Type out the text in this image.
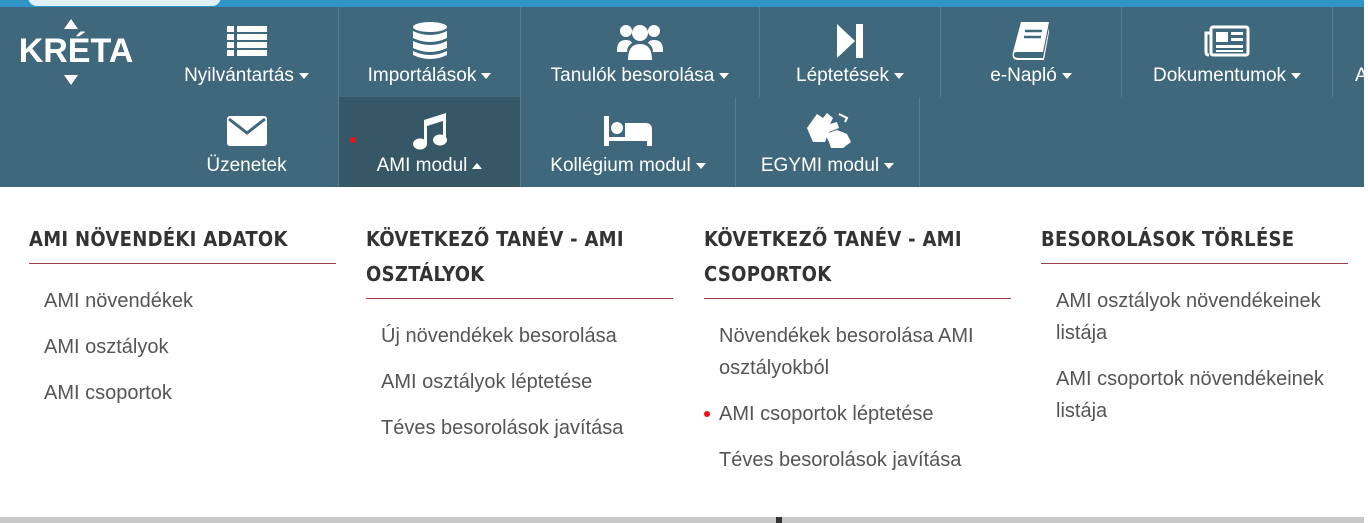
KRÉTA
Nyilvántartás	Importálások	Tanulók besorolása	Léptetések	e-Napló	Dokumentumok	A
Üzenetek	AMI modul	Kollégium modul	EGYMI modul
AMI NÖVENDÉKI ADATOK
AMI növendékek
AMI osztályok
AMI csoportok
KÖVETKEZŐ TANÉV - AMI OSZTÁLYOK
Új növendékek besorolása
AMI osztályok léptetése
Téves besorolások javítása
KÖVETKEZŐ TANÉV - AMI CSOPORTOK
Növendékek besorolása AMI osztályokból
AMI csoportok léptetése
Téves besorolások javítása
BESOROLÁSOK TÖRLÉSE
AMI osztályok növendékeinek listája
AMI csoportok növendékeinek listája
